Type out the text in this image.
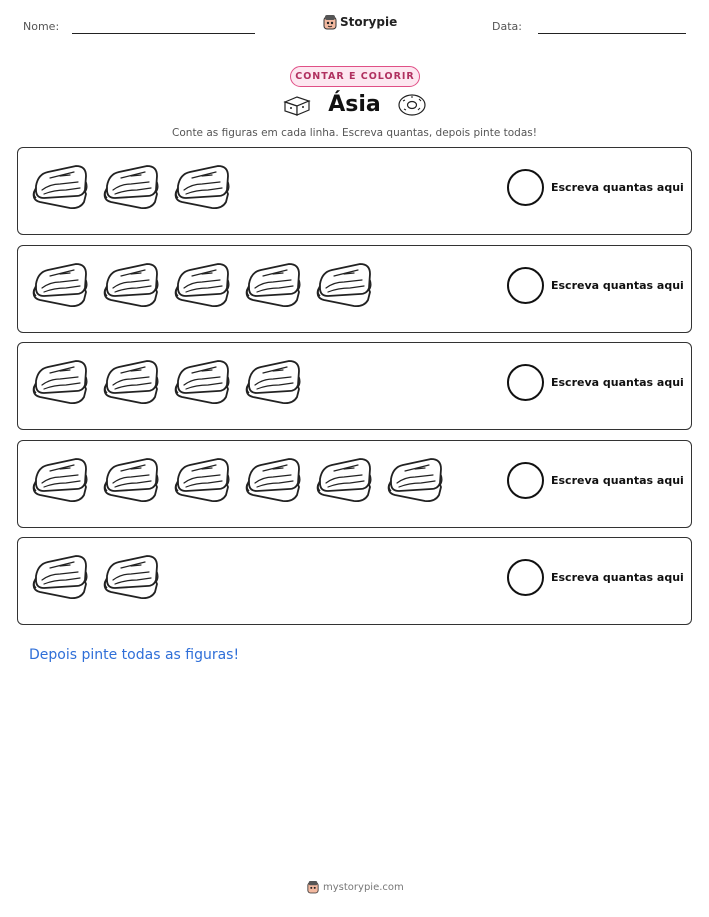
Nome:	Storypie	Data:
CONTAR E COLORIR
Ásia
Conte as figuras em cada linha. Escreva quantas, depois pinte todas!
Escreva quantas aqui
Escreva quantas aqui
Escreva quantas aqui
Escreva quantas aqui
Escreva quantas aqui
Depois pinte todas as figuras!
mystorypie.com
